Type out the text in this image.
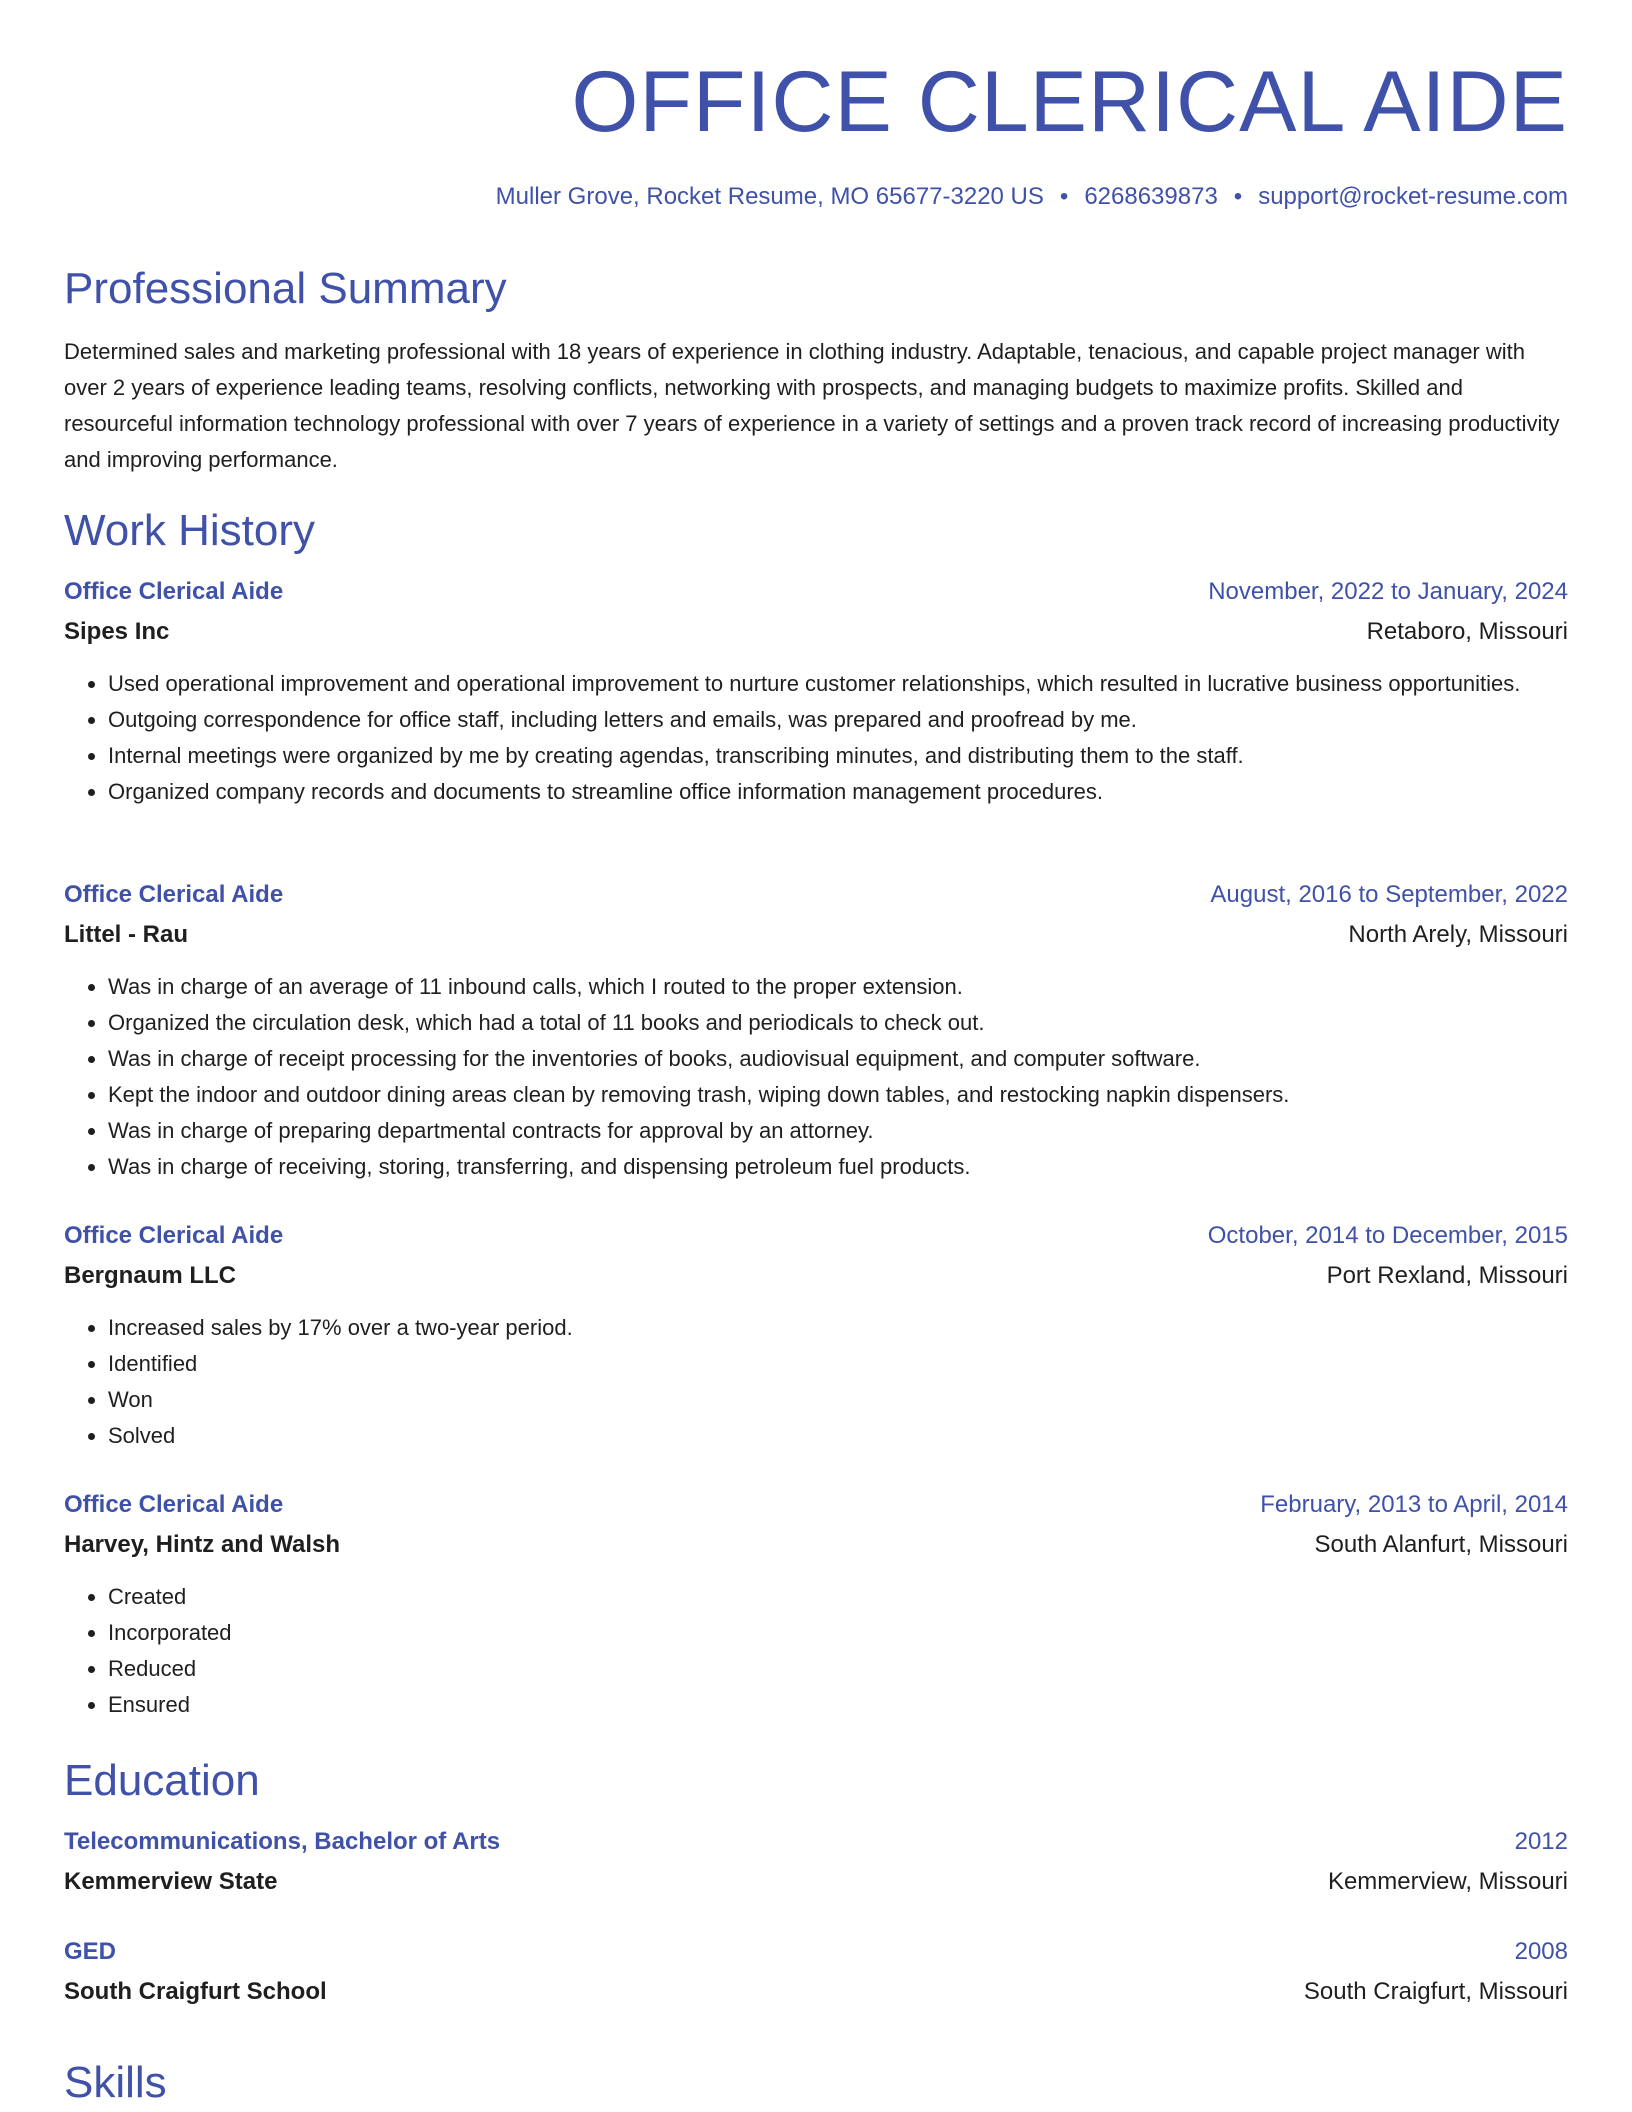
OFFICE CLERICAL AIDE
Muller Grove, Rocket Resume, MO 65677-3220 US • 6268639873 • support@rocket-resume.com
Professional Summary
Determined sales and marketing professional with 18 years of experience in clothing industry. Adaptable, tenacious, and capable project manager with over 2 years of experience leading teams, resolving conflicts, networking with prospects, and managing budgets to maximize profits. Skilled and resourceful information technology professional with over 7 years of experience in a variety of settings and a proven track record of increasing productivity and improving performance.
Work History
Office Clerical Aide	November, 2022 to January, 2024
Sipes Inc	Retaboro, Missouri
• Used operational improvement and operational improvement to nurture customer relationships, which resulted in lucrative business opportunities.
• Outgoing correspondence for office staff, including letters and emails, was prepared and proofread by me.
• Internal meetings were organized by me by creating agendas, transcribing minutes, and distributing them to the staff.
• Organized company records and documents to streamline office information management procedures.
Office Clerical Aide	August, 2016 to September, 2022
Littel - Rau	North Arely, Missouri
• Was in charge of an average of 11 inbound calls, which I routed to the proper extension.
• Organized the circulation desk, which had a total of 11 books and periodicals to check out.
• Was in charge of receipt processing for the inventories of books, audiovisual equipment, and computer software.
• Kept the indoor and outdoor dining areas clean by removing trash, wiping down tables, and restocking napkin dispensers.
• Was in charge of preparing departmental contracts for approval by an attorney.
• Was in charge of receiving, storing, transferring, and dispensing petroleum fuel products.
Office Clerical Aide	October, 2014 to December, 2015
Bergnaum LLC	Port Rexland, Missouri
• Increased sales by 17% over a two-year period.
• Identified
• Won
• Solved
Office Clerical Aide	February, 2013 to April, 2014
Harvey, Hintz and Walsh	South Alanfurt, Missouri
• Created
• Incorporated
• Reduced
• Ensured
Education
Telecommunications, Bachelor of Arts	2012
Kemmerview State	Kemmerview, Missouri
GED	2008
South Craigfurt School	South Craigfurt, Missouri
Skills
